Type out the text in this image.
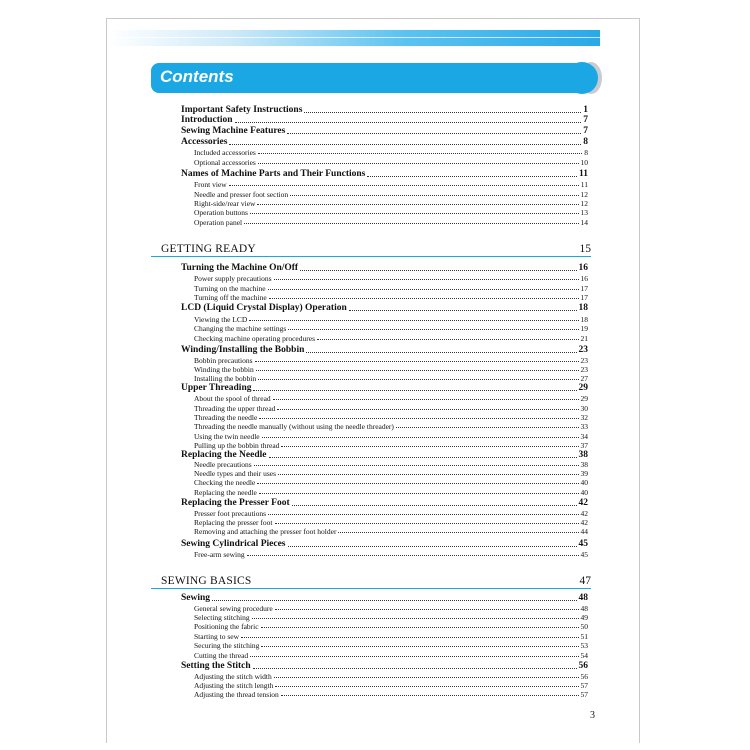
Contents
Important Safety Instructions	1
Introduction	7
Sewing Machine Features	7
Accessories	8
Included accessories	8
Optional accessories	10
Names of Machine Parts and Their Functions	11
Front view	11
Needle and presser foot section	12
Right-side/rear view	12
Operation buttons	13
Operation panel	14
GETTING READY	15
Turning the Machine On/Off	16
Power supply precautions	16
Turning on the machine	17
Turning off the machine	17
LCD (Liquid Crystal Display) Operation	18
Viewing the LCD	18
Changing the machine settings	19
Checking machine operating procedures	21
Winding/Installing the Bobbin	23
Bobbin precautions	23
Winding the bobbin	23
Installing the bobbin	27
Upper Threading	29
About the spool of thread	29
Threading the upper thread	30
Threading the needle	32
Threading the needle manually (without using the needle threader)	33
Using the twin needle	34
Pulling up the bobbin thread	37
Replacing the Needle	38
Needle precautions	38
Needle types and their uses	39
Checking the needle	40
Replacing the needle	40
Replacing the Presser Foot	42
Presser foot precautions	42
Replacing the presser foot	42
Removing and attaching the presser foot holder	44
Sewing Cylindrical Pieces	45
Free-arm sewing	45
SEWING BASICS	47
Sewing	48
General sewing procedure	48
Selecting stitching	49
Positioning the fabric	50
Starting to sew	51
Securing the stitching	53
Cutting the thread	54
Setting the Stitch	56
Adjusting the stitch width	56
Adjusting the stitch length	57
Adjusting the thread tension	57
3
